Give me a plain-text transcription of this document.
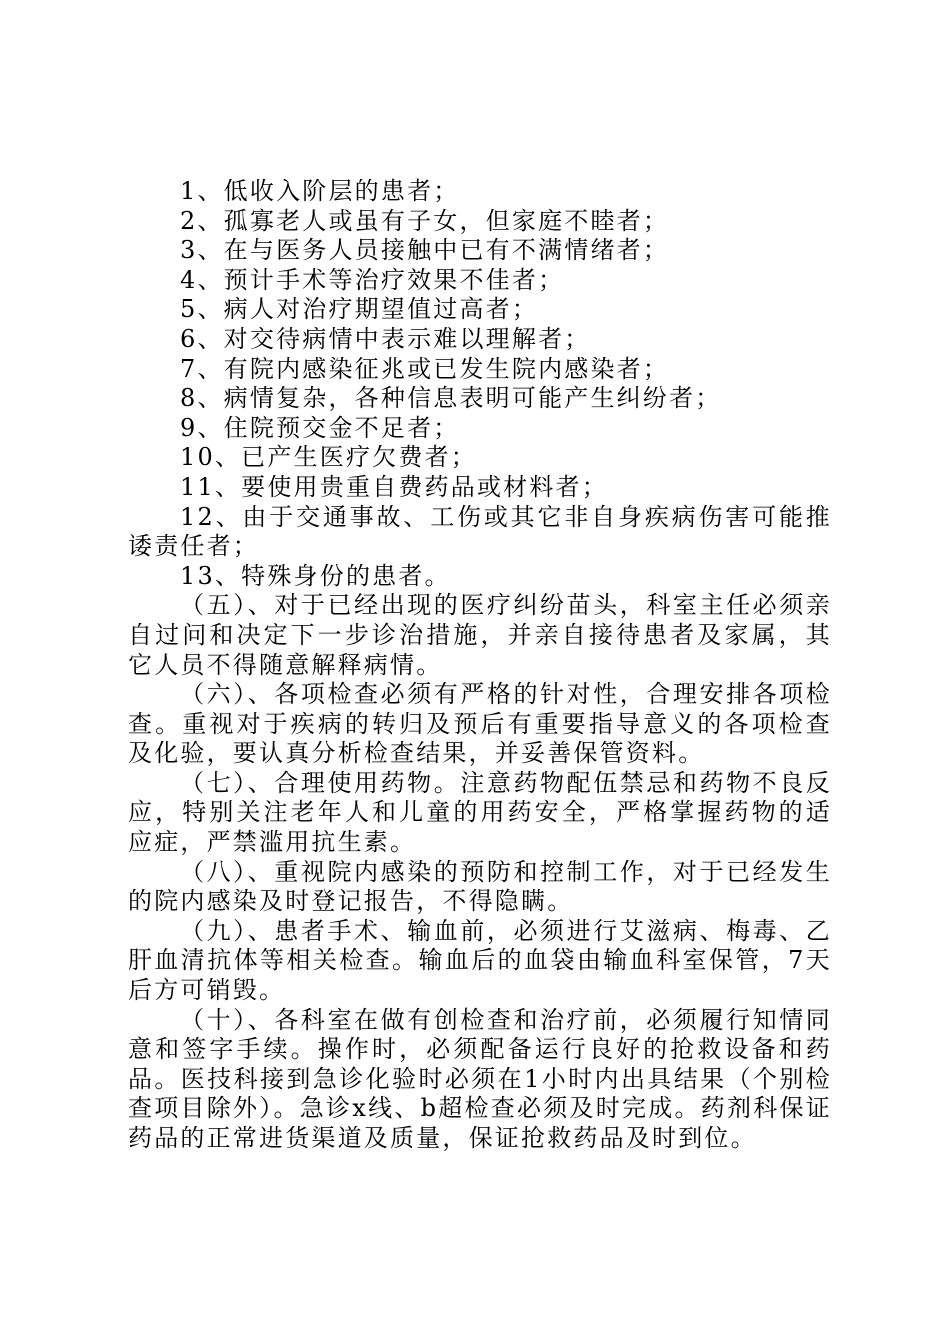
1、低收入阶层的患者；

2、孤寡老人或虽有子女，但家庭不睦者；

3、在与医务人员接触中已有不满情绪者；

4、预计手术等治疗效果不佳者；

5、病人对治疗期望值过高者；

6、对交待病情中表示难以理解者；

7、有院内感染征兆或已发生院内感染者；

8、病情复杂，各种信息表明可能产生纠纷者；

9、住院预交金不足者；

10、已产生医疗欠费者；

11、要使用贵重自费药品或材料者；

12、由于交通事故、工伤或其它非自身疾病伤害可能推诿责任者；

13、特殊身份的患者。

（五）、对于已经出现的医疗纠纷苗头，科室主任必须亲自过问和决定下一步诊治措施，并亲自接待患者及家属，其它人员不得随意解释病情。

（六）、各项检查必须有严格的针对性，合理安排各项检查。重视对于疾病的转归及预后有重要指导意义的各项检查及化验，要认真分析检查结果，并妥善保管资料。

（七）、合理使用药物。注意药物配伍禁忌和药物不良反应，特别关注老年人和儿童的用药安全，严格掌握药物的适应症，严禁滥用抗生素。

（八）、重视院内感染的预防和控制工作，对于已经发生的院内感染及时登记报告，不得隐瞒。

（九）、患者手术、输血前，必须进行艾滋病、梅毒、乙肝血清抗体等相关检查。输血后的血袋由输血科室保管，7天后方可销毁。

（十）、各科室在做有创检查和治疗前，必须履行知情同意和签字手续。操作时，必须配备运行良好的抢救设备和药品。医技科接到急诊化验时必须在1小时内出具结果（个别检查项目除外）。急诊x线、b超检查必须及时完成。药剂科保证药品的正常进货渠道及质量，保证抢救药品及时到位。
